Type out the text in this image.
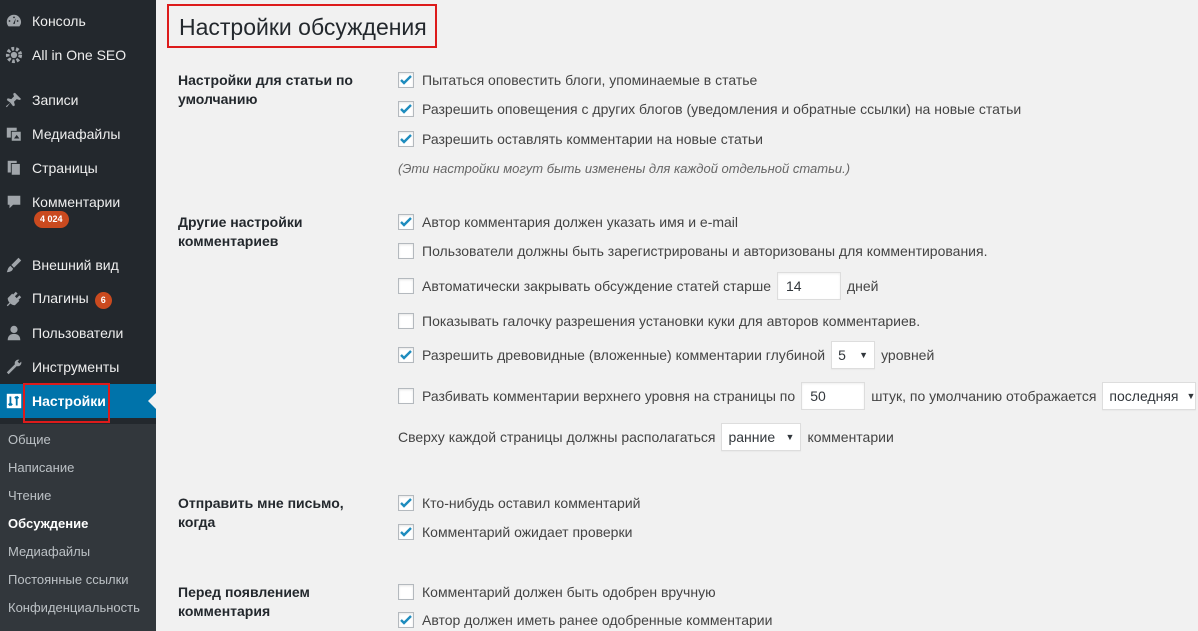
Консоль
All in One SEO
Записи
Медиафайлы
Страницы
Комментарии
4 024
Внешний вид
Плагины 6
Пользователи
Инструменты
Настройки
Общие
Написание
Чтение
Обсуждение
Медиафайлы
Постоянные ссылки
Конфиденциальность
Настройки обсуждения
Настройки для статьи по умолчанию
Пытаться оповестить блоги, упоминаемые в статье
Разрешить оповещения с других блогов (уведомления и обратные ссылки) на новые статьи
Разрешить оставлять комментарии на новые статьи
(Эти настройки могут быть изменены для каждой отдельной статьи.)
Другие настройки комментариев
Автор комментария должен указать имя и e-mail
Пользователи должны быть зарегистрированы и авторизованы для комментирования.
Автоматически закрывать обсуждение статей старше	14	дней
Показывать галочку разрешения установки куки для авторов комментариев.
Разрешить древовидные (вложенные) комментарии глубиной 5 ▼ уровней
Разбивать комментарии верхнего уровня на страницы по	50	штук, по умолчанию отображается последняя ▼
Сверху каждой страницы должны располагаться ранние ▼ комментарии
Отправить мне письмо, когда
Кто-нибудь оставил комментарий
Комментарий ожидает проверки
Перед появлением комментария
Комментарий должен быть одобрен вручную
Автор должен иметь ранее одобренные комментарии
